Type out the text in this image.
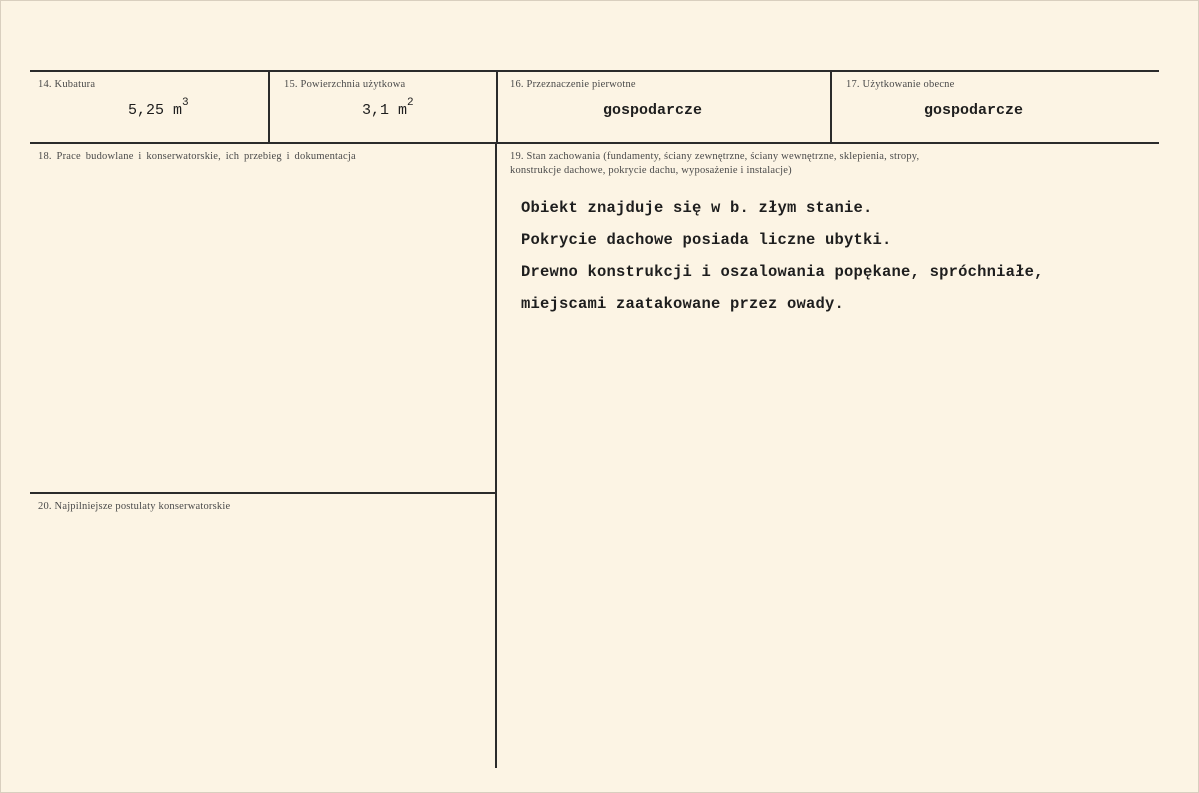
14. Kubatura
5,25 $m^3$
15. Powierzchnia użytkowa
3,1 $m^2$
16. Przeznaczenie pierwotne
gospodarcze
17. Użytkowanie obecne
gospodarcze
18. Prace budowlane i konserwatorskie, ich przebieg i dokumentacja	19. Stan zachowania (fundamenty, ściany zewnętrzne, ściany wewnętrzne, sklepienia, stropy,
konstrukcje dachowe, pokrycie dachu, wyposażenie i instalacje)
Obiekt znajduje się w b. złym stanie.
Pokrycie dachowe posiada liczne ubytki.
Drewno konstrukcji i oszalowania popękane, spróchniałe,
miejscami zaatakowane przez owady.
20. Najpilniejsze postulaty konserwatorskie
